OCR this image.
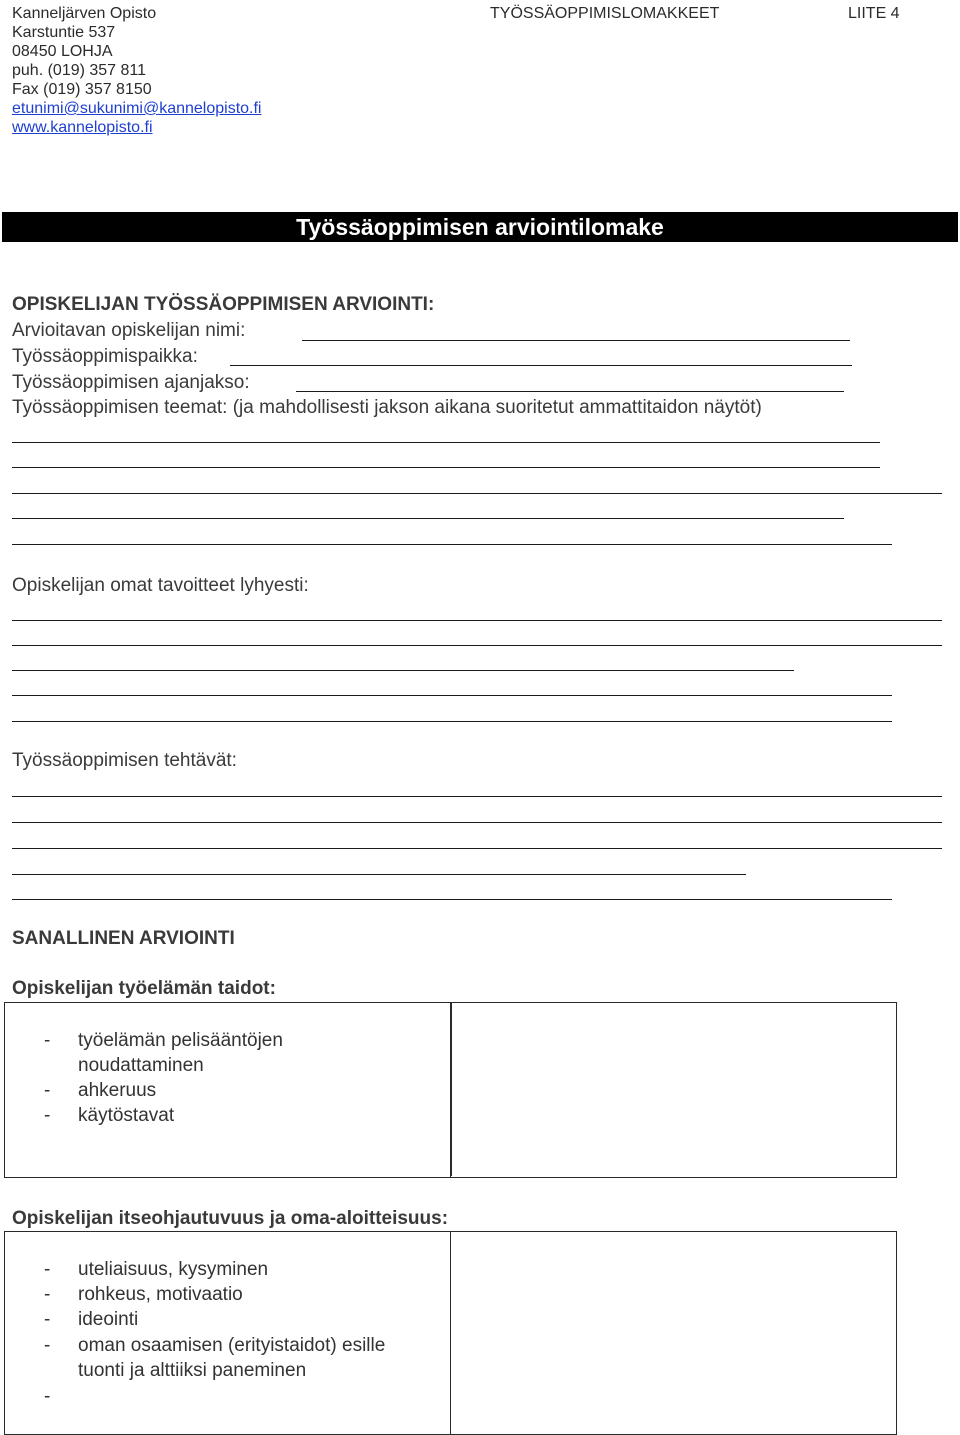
Kanneljärven Opisto
Karstuntie 537
08450 LOHJA
puh. (019) 357 811
Fax (019) 357 8150
etunimi@sukunimi@kannelopisto.fi
www.kannelopisto.fi
TYÖSSÄOPPIMISLOMAKKEET	LIITE 4
Työssäoppimisen arviointilomake
OPISKELIJAN TYÖSSÄOPPIMISEN ARVIOINTI:
Arvioitavan opiskelijan nimi:
Työssäoppimispaikka:
Työssäoppimisen ajanjakso:
Työssäoppimisen teemat: (ja mahdollisesti jakson aikana suoritetut ammattitaidon näytöt)
Opiskelijan omat tavoitteet lyhyesti:
Työssäoppimisen tehtävät:
SANALLINEN ARVIOINTI
Opiskelijan työelämän taidot:
- työelämän pelisääntöjen
noudattaminen
- ahkeruus
- käytöstavat
Opiskelijan itseohjautuvuus ja oma-aloitteisuus:
- uteliaisuus, kysyminen
- rohkeus, motivaatio
- ideointi
- oman osaamisen (erityistaidot) esille
tuonti ja alttiiksi paneminen
-
